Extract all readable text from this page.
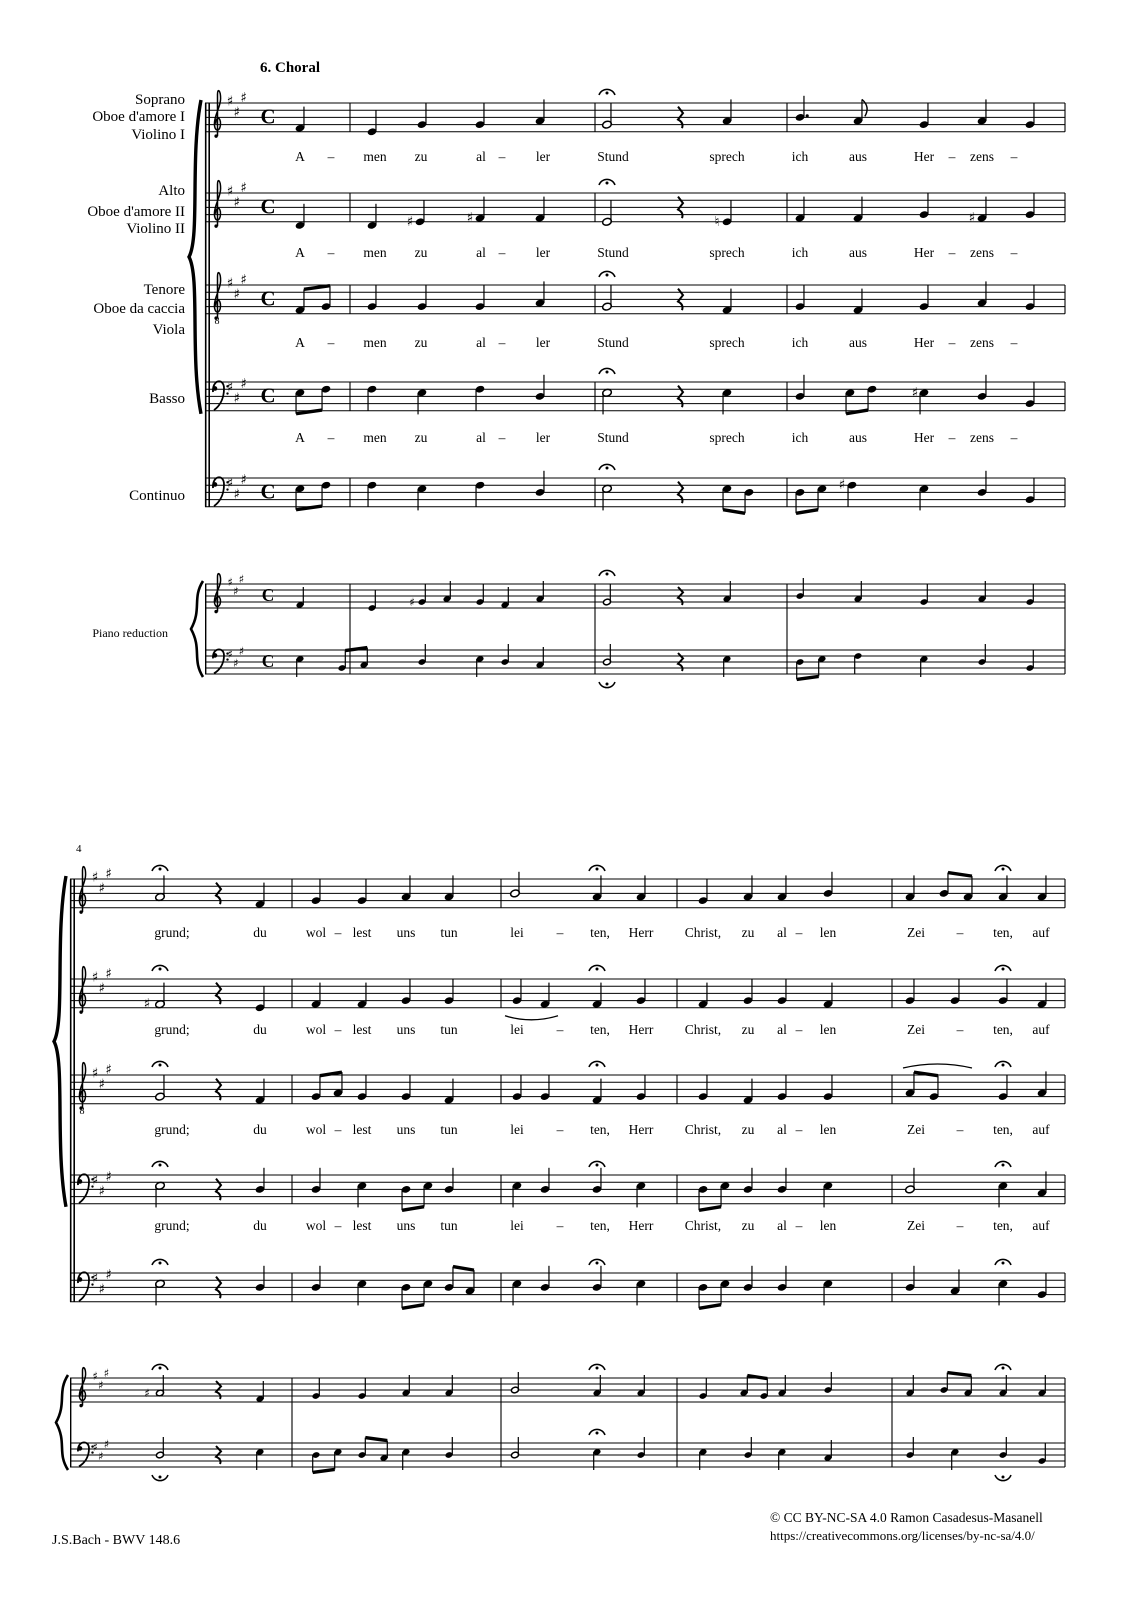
♯
♯
♯
C
♯
♯
♯
C
♯	♯	♮	♯
8
♯
♯
♯
C
♯
♯
♯ C	♯
♯
♯
♯ C	♯
♯
♯
♯
C	♯
♯
♯
♯ C
♯
♯
♯
♯
♯
♯
♯
8
♯
♯
♯
♯
♯
♯
♯
♯
♯
♯
♯
♯
♯
♯
♯
♯
6. Choral
Soprano
Oboe d'amore I
Violino I
Alto
Oboe d'amore II
Violino II
Tenore
Oboe da caccia
Viola
Basso
Continuo
Piano reduction
4
A – men zu	al – ler	Stund	sprech	ich	aus	Her – zens –
A – men zu	al – ler	Stund	sprech	ich	aus	Her – zens –
A – men zu	al – ler	Stund	sprech	ich	aus	Her – zens –
A – men zu	al – ler	Stund	sprech	ich	aus	Her – zens –
grund;	du	wol – lest uns tun	lei – ten, Herr Christ, zu al – len	Zei – ten, auf
grund;	du	wol – lest uns tun	lei – ten, Herr Christ, zu al – len	Zei – ten, auf
grund;	du	wol – lest uns tun	lei – ten, Herr Christ, zu al – len	Zei – ten, auf
grund;	du	wol – lest uns tun	lei – ten, Herr Christ, zu al – len	Zei – ten, auf
J.S.Bach - BWV 148.6
© CC BY-NC-SA 4.0 Ramon Casadesus-Masanell
https://creativecommons.org/licenses/by-nc-sa/4.0/
